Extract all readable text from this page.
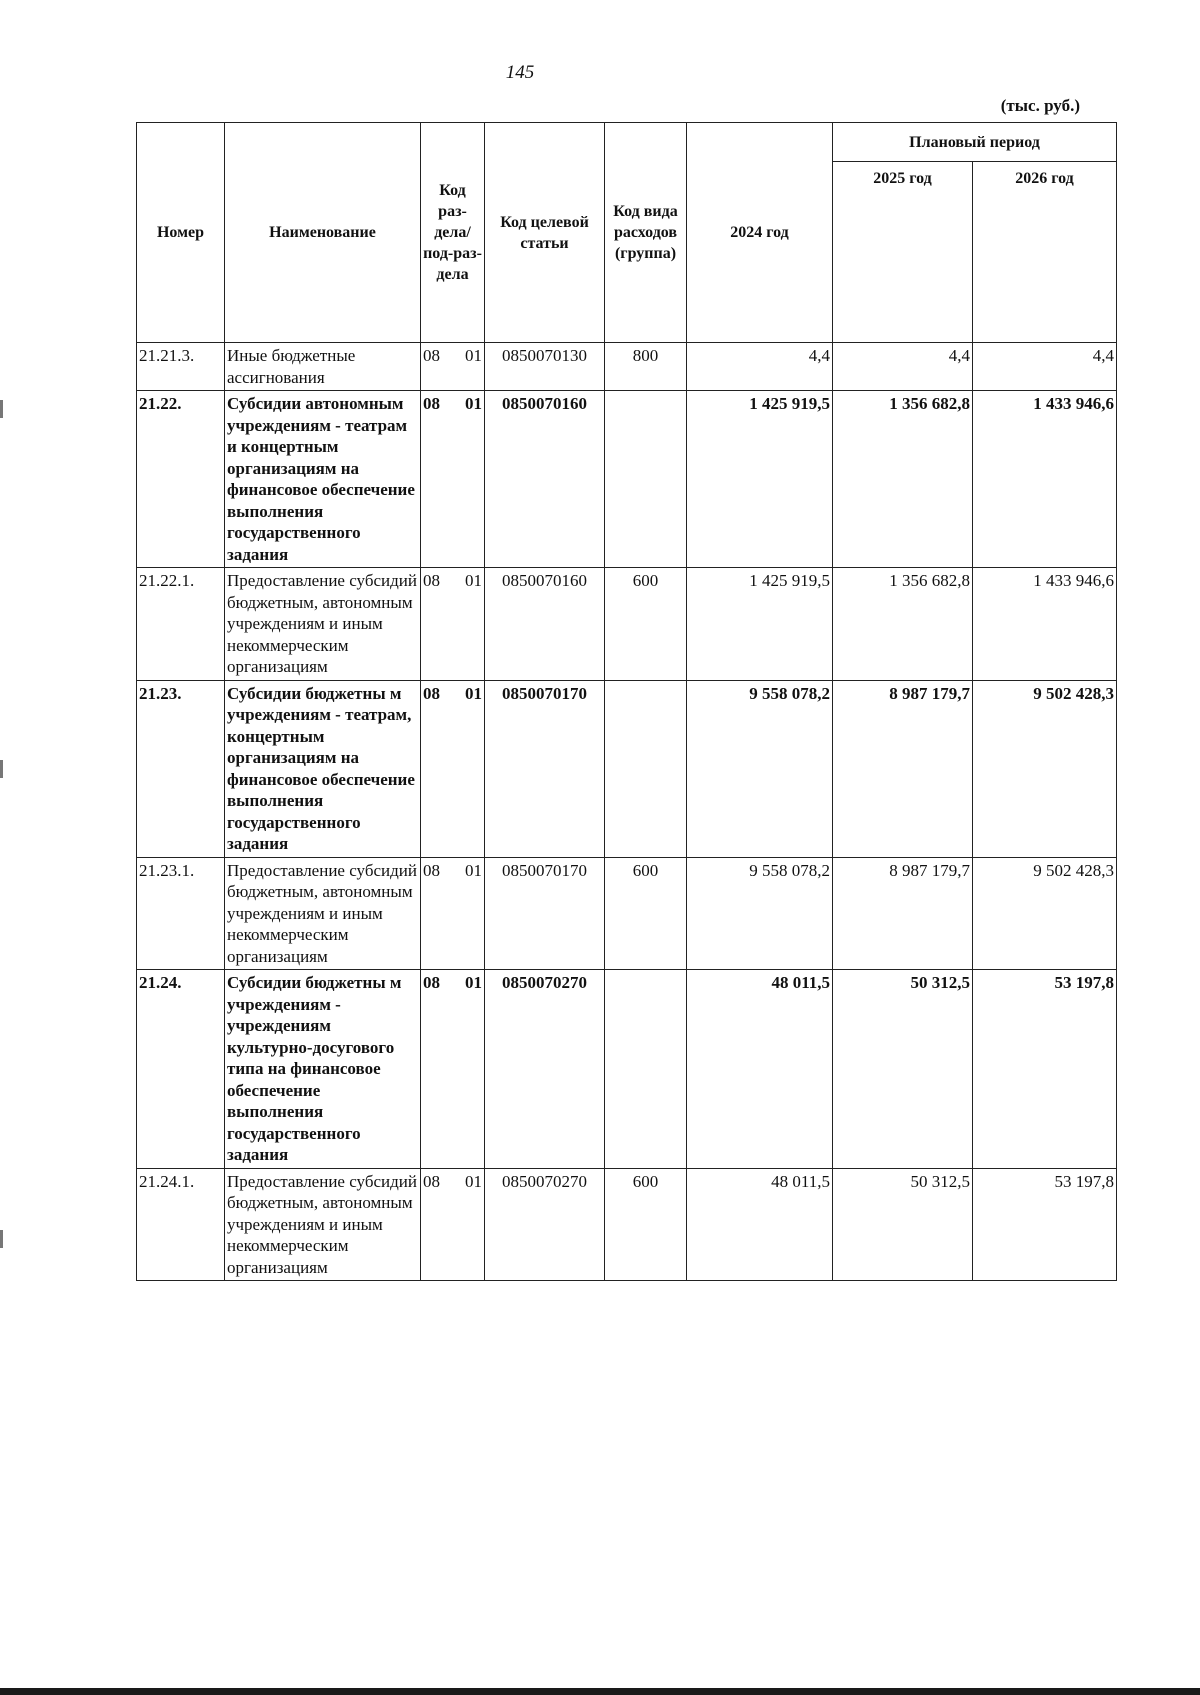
145
(тыс. руб.)
Номер	Наименование	Код раз-дела/ под-раз-дела	Код целевой статьи	Код вида расходов (группа)	2024 год	Плановый период	
						2025 год	2026 год
21.21.3.	Иные бюджетные ассигнования	08 01	0850070130	800	4,4	4,4	4,4
21.22.	Субсидии автономным учреждениям - театрам и концертным организациям на финансовое обеспечение выполнения государственного задания	08 01	0850070160		1 425 919,5	1 356 682,8	1 433 946,6
21.22.1.	Предоставление субсидий бюджетным, автономным учреждениям и иным некоммерческим организациям	08 01	0850070160	600	1 425 919,5	1 356 682,8	1 433 946,6
21.23.	Субсидии бюджетны м учреждениям - театрам, концертным организациям на финансовое обеспечение выполнения государственного задания	08 01	0850070170		9 558 078,2	8 987 179,7	9 502 428,3
21.23.1.	Предоставление субсидий бюджетным, автономным учреждениям и иным некоммерческим организациям	08 01	0850070170	600	9 558 078,2	8 987 179,7	9 502 428,3
21.24.	Субсидии бюджетны м учреждениям - учреждениям культурно-досугового типа на финансовое обеспечение выполнения государственного задания	08 01	0850070270		48 011,5	50 312,5	53 197,8
21.24.1.	Предоставление субсидий бюджетным, автономным учреждениям и иным некоммерческим организациям	08 01	0850070270	600	48 011,5	50 312,5	53 197,8
